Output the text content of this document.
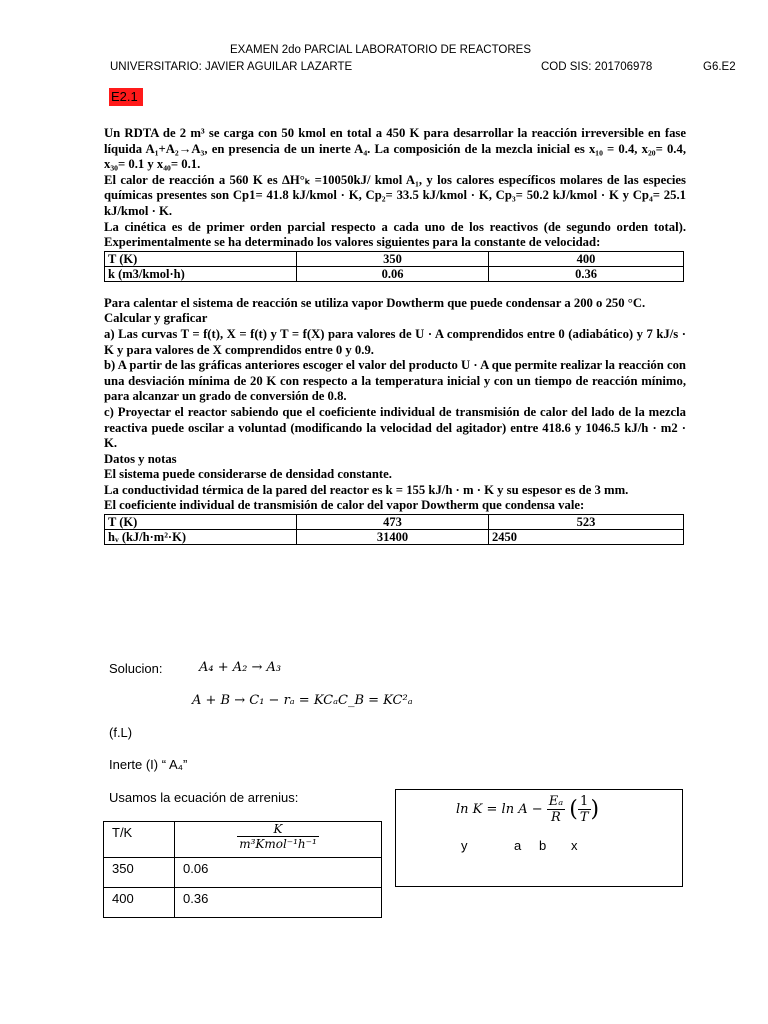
EXAMEN 2do PARCIAL LABORATORIO DE REACTORES
UNIVERSITARIO: JAVIER AGUILAR LAZARTE	COD SIS: 201706978	G6.E2
E2.1

Un RDTA de 2 m³ se carga con 50 kmol en total a 450 K para desarrollar la reacción irreversible en fase líquida A₁+A₂→A₃, en presencia de un inerte A₄. La composición de la mezcla inicial es x₁₀ = 0.4, x₂₀= 0.4, x₃₀= 0.1 y x₄₀= 0.1.

El calor de reacción a 560 K es ΔH°ₖ =10050kJ/ kmol A₁, y los calores específicos molares de las especies químicas presentes son Cp1= 41.8 kJ/kmol · K, Cp₂= 33.5 kJ/kmol · K, Cp₃= 50.2 kJ/kmol · K y Cp₄= 25.1 kJ/kmol · K.

La cinética es de primer orden parcial respecto a cada uno de los reactivos (de segundo orden total). Experimentalmente se ha determinado los valores siguientes para la constante de velocidad:

T (K)	350	400
k (m3/kmol·h)	0.06	0.36

Para calentar el sistema de reacción se utiliza vapor Dowtherm que puede condensar a 200 o 250 °C.

Calcular y graficar

a) Las curvas T = f(t), X = f(t) y T = f(X) para valores de U · A comprendidos entre 0 (adiabático) y 7 kJ/s · K y para valores de X comprendidos entre 0 y 0.9.

b) A partir de las gráficas anteriores escoger el valor del producto U · A que permite realizar la reacción con una desviación mínima de 20 K con respecto a la temperatura inicial y con un tiempo de reacción mínimo, para alcanzar un grado de conversión de 0.8.

c) Proyectar el reactor sabiendo que el coeficiente individual de transmisión de calor del lado de la mezcla reactiva puede oscilar a voluntad (modificando la velocidad del agitador) entre 418.6 y 1046.5 kJ/h · m2 · K.

Datos y notas

El sistema puede considerarse de densidad constante.

La conductividad térmica de la pared del reactor es k = 155 kJ/h · m · K y su espesor es de 3 mm.

El coeficiente individual de transmisión de calor del vapor Dowtherm que condensa vale:

T (K)	473	523
hᵥ (kJ/h·m²·K)	31400	2450
Solucion:	A₄ + A₂ → A₃
A + B → C₁ − rₐ = KCₐC_B = KC²ₐ
(f.L)
Inerte (I) “ A₄”
Usamos la ecuación de arrenius:
$\ln K = \ln A - \frac{\text{Eₐ}}{R}$ ( $\frac{1}{T}$ )
y	a b x
T/K	$\frac{K}{\text{m³Kmol⁻¹h⁻¹}}$

350	0.06
400	0.36
